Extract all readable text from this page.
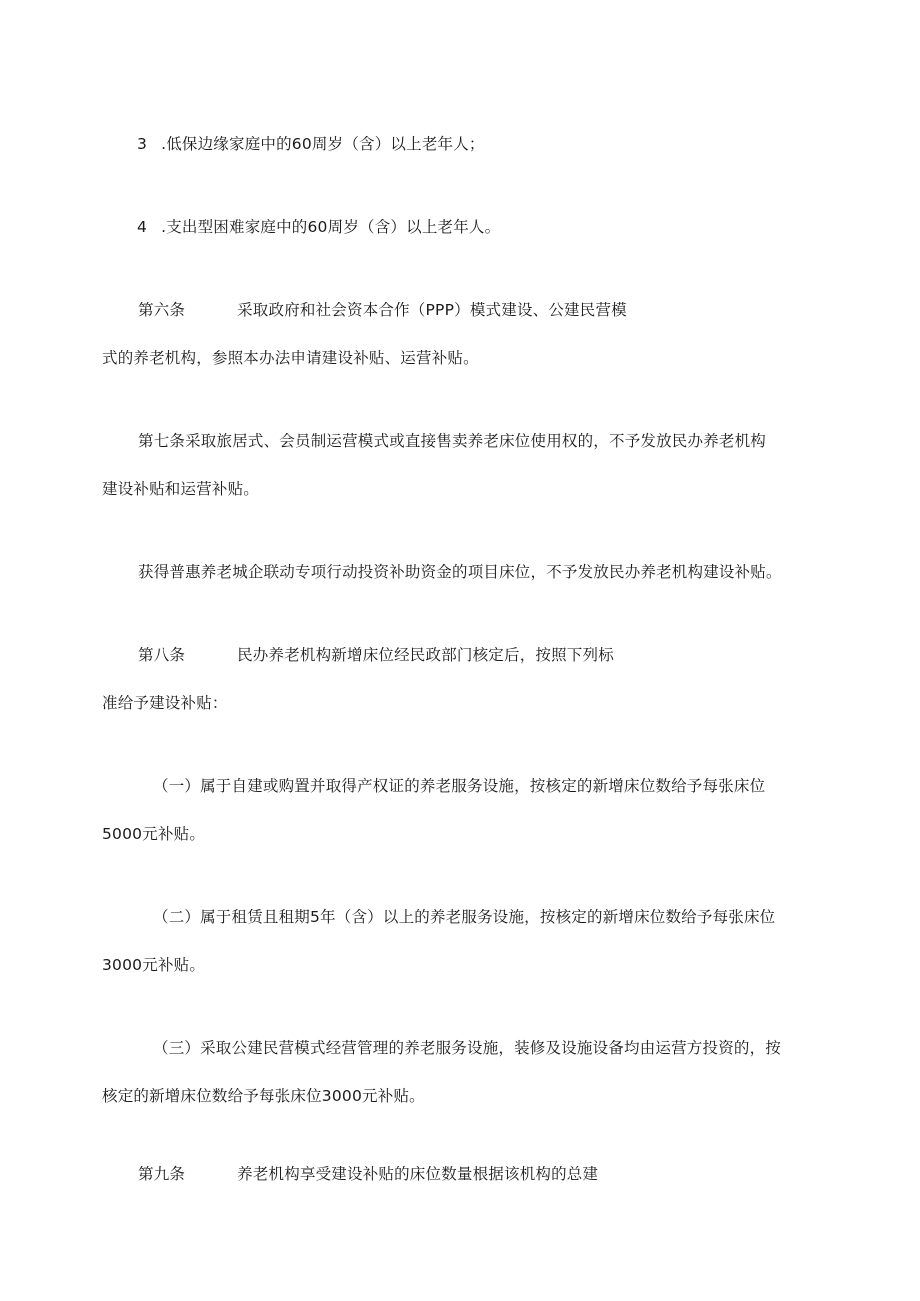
3 .低保边缘家庭中的60周岁（含）以上老年人；
4 .支出型困难家庭中的60周岁（含）以上老年人。
第六条	采取政府和社会资本合作（PPP）模式建设、公建民营模
式的养老机构，参照本办法申请建设补贴、运营补贴。
第七条采取旅居式、会员制运营模式或直接售卖养老床位使用权的，不予发放民办养老机构
建设补贴和运营补贴。
获得普惠养老城企联动专项行动投资补助资金的项目床位，不予发放民办养老机构建设补贴。
第八条	民办养老机构新增床位经民政部门核定后，按照下列标
准给予建设补贴：
（一）属于自建或购置并取得产权证的养老服务设施，按核定的新增床位数给予每张床位
5000元补贴。
（二）属于租赁且租期5年（含）以上的养老服务设施，按核定的新增床位数给予每张床位
3000元补贴。
（三）采取公建民营模式经营管理的养老服务设施，装修及设施设备均由运营方投资的，按
核定的新增床位数给予每张床位3000元补贴。
第九条	养老机构享受建设补贴的床位数量根据该机构的总建
